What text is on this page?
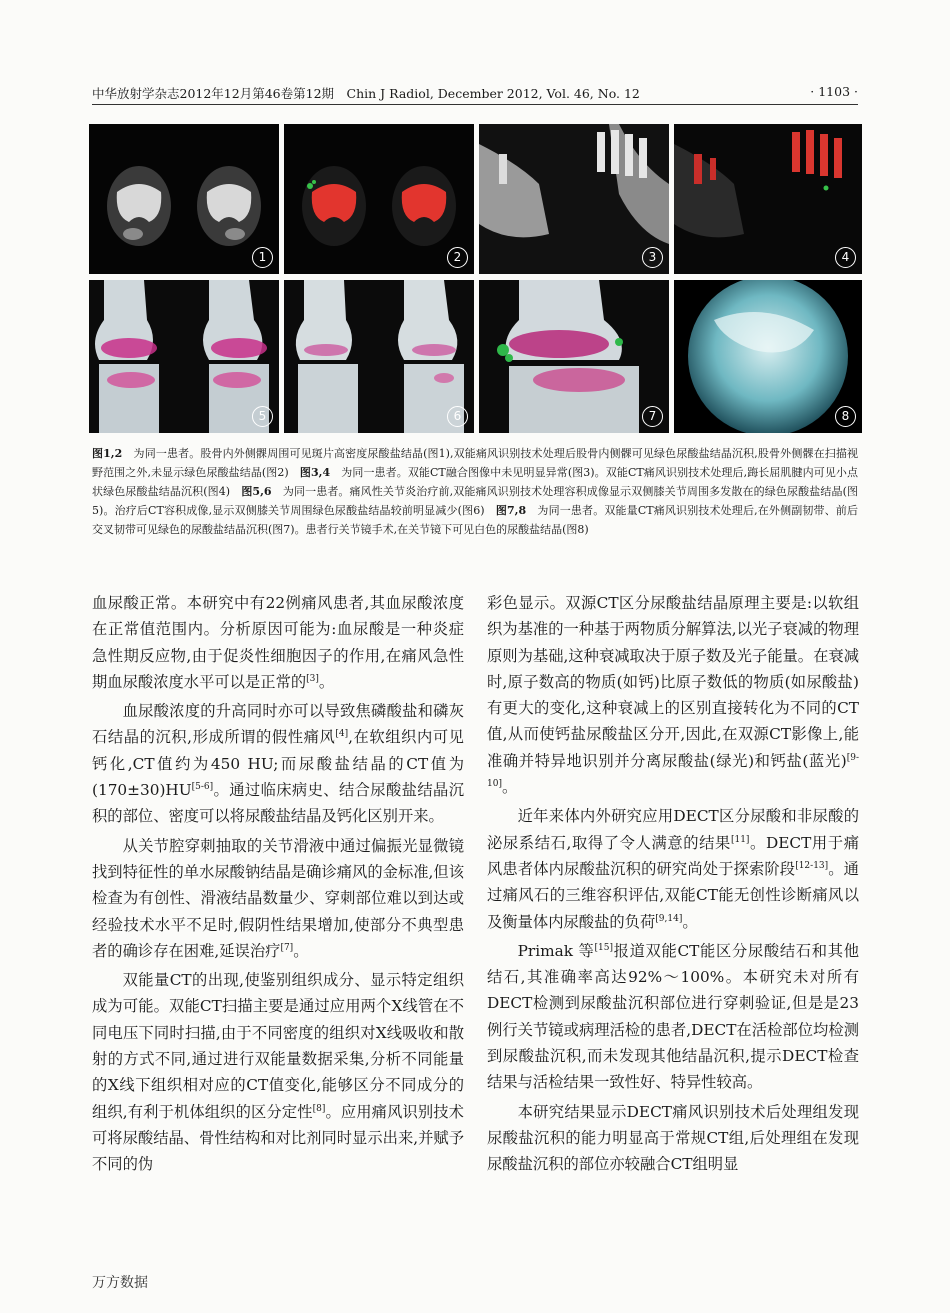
中华放射学杂志2012年12月第46卷第12期　Chin J Radiol, December 2012, Vol. 46, No. 12	· 1103 ·
1	2	3	4
5	6	7	8
图1,2　为同一患者。股骨内外侧髁周围可见斑片高密度尿酸盐结晶(图1),双能痛风识别技术处理后股骨内侧髁可见绿色尿酸盐结晶沉积,股骨外侧髁在扫描视野范围之外,未显示绿色尿酸盐结晶(图2)　图3,4　为同一患者。双能CT融合图像中未见明显异常(图3)。双能CT痛风识别技术处理后,踇长屈肌腱内可见小点状绿色尿酸盐结晶沉积(图4)　图5,6　为同一患者。痛风性关节炎治疗前,双能痛风识别技术处理容积成像显示双侧膝关节周围多发散在的绿色尿酸盐结晶(图5)。治疗后CT容积成像,显示双侧膝关节周围绿色尿酸盐结晶较前明显减少(图6)　图7,8　为同一患者。双能量CT痛风识别技术处理后,在外侧副韧带、前后交叉韧带可见绿色的尿酸盐结晶沉积(图7)。患者行关节镜手术,在关节镜下可见白色的尿酸盐结晶(图8)

血尿酸正常。本研究中有22例痛风患者,其血尿酸浓度在正常值范围内。分析原因可能为:血尿酸是一种炎症急性期反应物,由于促炎性细胞因子的作用,在痛风急性期血尿酸浓度水平可以是正常的[3]。

血尿酸浓度的升高同时亦可以导致焦磷酸盐和磷灰石结晶的沉积,形成所谓的假性痛风[4],在软组织内可见钙化,CT值约为450 HU;而尿酸盐结晶的CT值为(170±30)HU[5-6]。通过临床病史、结合尿酸盐结晶沉积的部位、密度可以将尿酸盐结晶及钙化区别开来。

从关节腔穿刺抽取的关节滑液中通过偏振光显微镜找到特征性的单水尿酸钠结晶是确诊痛风的金标准,但该检查为有创性、滑液结晶数量少、穿刺部位难以到达或经验技术水平不足时,假阴性结果增加,使部分不典型患者的确诊存在困难,延误治疗[7]。

双能量CT的出现,使鉴别组织成分、显示特定组织成为可能。双能CT扫描主要是通过应用两个X线管在不同电压下同时扫描,由于不同密度的组织对X线吸收和散射的方式不同,通过进行双能量数据采集,分析不同能量的X线下组织相对应的CT值变化,能够区分不同成分的组织,有利于机体组织的区分定性[8]。应用痛风识别技术可将尿酸结晶、骨性结构和对比剂同时显示出来,并赋予不同的伪

彩色显示。双源CT区分尿酸盐结晶原理主要是:以软组织为基准的一种基于两物质分解算法,以光子衰减的物理原则为基础,这种衰减取决于原子数及光子能量。在衰减时,原子数高的物质(如钙)比原子数低的物质(如尿酸盐)有更大的变化,这种衰减上的区别直接转化为不同的CT值,从而使钙盐尿酸盐区分开,因此,在双源CT影像上,能准确并特异地识别并分离尿酸盐(绿光)和钙盐(蓝光)[9-10]。

近年来体内外研究应用DECT区分尿酸和非尿酸的泌尿系结石,取得了令人满意的结果[11]。DECT用于痛风患者体内尿酸盐沉积的研究尚处于探索阶段[12-13]。通过痛风石的三维容积评估,双能CT能无创性诊断痛风以及衡量体内尿酸盐的负荷[9,14]。

Primak 等[15]报道双能CT能区分尿酸结石和其他结石,其准确率高达92%～100%。本研究未对所有DECT检测到尿酸盐沉积部位进行穿刺验证,但是是23例行关节镜或病理活检的患者,DECT在活检部位均检测到尿酸盐沉积,而未发现其他结晶沉积,提示DECT检查结果与活检结果一致性好、特异性较高。

本研究结果显示DECT痛风识别技术后处理组发现尿酸盐沉积的能力明显高于常规CT组,后处理组在发现尿酸盐沉积的部位亦较融合CT组明显

万方数据
